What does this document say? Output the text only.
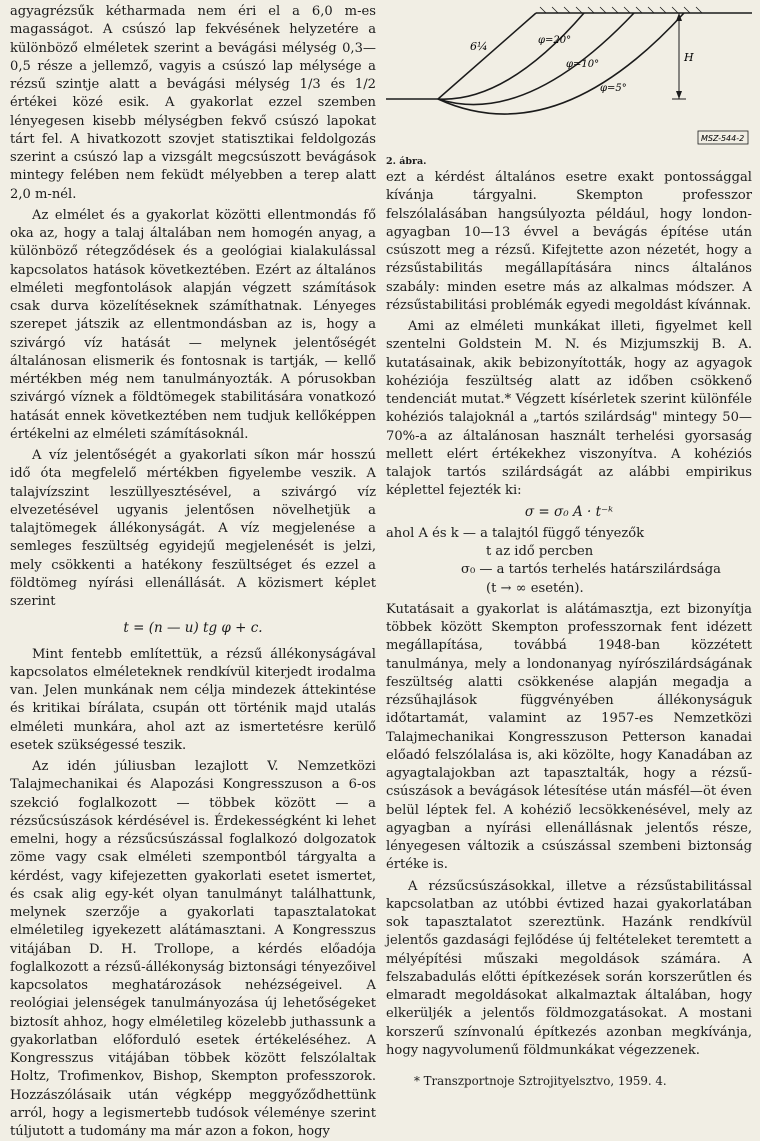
agyagrézsűk kétharmada nem éri el a 6,0 m-es magasságot. A csúszó lap fekvésének helyzetére a különböző elméletek szerint a bevágási mélység 0,3—0,5 része a jellemző, vagyis a csúszó lap mélysége a rézsű szintje alatt a bevágási mélység 1/3 és 1/2 értékei közé esik. A gyakorlat ezzel szemben lényegesen kisebb mélységben fekvő csúszó lapokat tárt fel. A hivatkozott szovjet statisztikai feldolgozás szerint a csúszó lap a vizsgált megcsúszott bevágások mintegy felében nem feküdt mélyebben a terep alatt 2,0 m-nél.

Az elmélet és a gyakorlat közötti ellentmondás fő oka az, hogy a talaj általában nem homogén anyag, a különböző rétegződések és a geológiai kialakulással kapcsolatos hatások következtében. Ezért az általános elméleti megfontolások alapján végzett számítások csak durva közelítéseknek számíthatnak. Lényeges szerepet játszik az ellentmondásban az is, hogy a szivárgó víz hatását — melynek jelentőségét általánosan elismerik és fontosnak is tartják, — kellő mértékben még nem tanulmányozták. A pórusokban szivárgó víznek a földtömegek stabilitására vonatkozó hatását ennek következtében nem tudjuk kellőképpen értékelni az elméleti számításoknál.

A víz jelentőségét a gyakorlati síkon már hosszú idő óta megfelelő mértékben figyelembe veszik. A talajvízszint leszüllyesztésével, a szivárgó víz elvezetésével ugyanis jelentősen növelhetjük a talajtömegek állékonyságát. A víz megjelenése a semleges feszültség egyidejű megjelenését is jelzi, mely csökkenti a hatékony feszültséget és ezzel a földtömeg nyírási ellenállását. A közismert képlet szerint

t = (n — u) tg φ + c.

Mint fentebb említettük, a rézsű állékonyságával kapcsolatos elméleteknek rendkívül kiterjedt irodalma van. Jelen munkának nem célja mindezek áttekintése és kritikai bírálata, csupán ott történik majd utalás elméleti munkára, ahol azt az ismertetésre kerülő esetek szükségessé teszik.

Az idén júliusban lezajlott V. Nemzetközi Talajmechanikai és Alapozási Kongresszuson a 6-os szekció foglalkozott — többek között — a rézsűcsúszások kérdésével is. Érdekességként ki lehet emelni, hogy a rézsűcsúszással foglalkozó dolgozatok zöme vagy csak elméleti szempontból tárgyalta a kérdést, vagy kifejezetten gyakorlati esetet ismertet, és csak alig egy-két olyan tanulmányt találhattunk, melynek szerzője a gyakorlati tapasztalatokat elméletileg igyekezett alátámasztani. A Kongresszus vitájában D. H. Trollope, a kérdés előadója foglalkozott a rézsű-állékonyság biztonsági tényezőivel kapcsolatos meghatározások nehézségeivel. A reológiai jelenségek tanulmányozása új lehetőségeket biztosít ahhoz, hogy elméletileg közelebb juthassunk a gyakorlatban előforduló esetek értékeléséhez. A Kongresszus vitájában többek között felszólaltak Holtz, Trofimenkov, Bishop, Skempton professzorok. Hozzászólásaik után végképp meggyőződhettünk arról, hogy a legismertebb tudósok véleménye szerint túljutott a tudomány ma már azon a fokon, hogy

6¼	φ=20°
φ=10°
φ=5°
H
MSZ-544-2
2. ábra.

ezt a kérdést általános esetre exakt pontossággal kívánja tárgyalni. Skempton professzor felszólalásában hangsúlyozta például, hogy london-agyagban 10—13 évvel a bevágás építése után csúszott meg a rézsű. Kifejtette azon nézetét, hogy a rézsűstabilitás megállapítására nincs általános szabály: minden esetre más az alkalmas módszer. A rézsűstabilitási problémák egyedi megoldást kívánnak.

Ami az elméleti munkákat illeti, figyelmet kell szentelni Goldstein M. N. és Mizjumszkij B. A. kutatásainak, akik bebizonyították, hogy az agyagok kohéziója feszültség alatt az időben csökkenő tendenciát mutat.* Végzett kísérletek szerint különféle kohéziós talajoknál a „tartós szilárdság" mintegy 50—70%-a az általánosan használt terhelési gyorsaság mellett elért értékekhez viszonyítva. A kohéziós talajok tartós szilárdságát az alábbi empirikus képlettel fejezték ki:

σ = σ₀ A · t⁻ᵏ

ahol A és k — a talajtól függő tényezők

t az idő percben

σ₀ — a tartós terhelés határszilárdsága

(t → ∞ esetén).

Kutatásait a gyakorlat is alátámasztja, ezt bizonyítja többek között Skempton professzornak fent idézett megállapítása, továbbá 1948-ban közzétett tanulmánya, mely a londonanyag nyírószilárdságának feszültség alatti csökkenése alapján megadja a rézsűhajlások függvényében állékonyságuk időtartamát, valamint az 1957-es Nemzetközi Talajmechanikai Kongresszuson Petterson kanadai előadó felszólalása is, aki közölte, hogy Kanadában az agyagtalajokban azt tapasztalták, hogy a rézsű-csúszások a bevágások létesítése után másfél—öt éven belül léptek fel. A kohéziő lecsökkenésével, mely az agyagban a nyírási ellenállásnak jelentős része, lényegesen változik a csúszással szembeni biztonság értéke is.

A rézsűcsúszásokkal, illetve a rézsűstabilitással kapcsolatban az utóbbi évtized hazai gyakorlatában sok tapasztalatot szereztünk. Hazánk rendkívül jelentős gazdasági fejlődése új feltételeket teremtett a mélyépítési műszaki megoldások számára. A felszabadulás előtti építkezések során korszerűtlen és elmaradt megoldásokat alkalmaztak általában, hogy elkerüljék a jelentős földmozgatásokat. A mostani korszerű színvonalú építkezés azonban megkívánja, hogy nagyvolumenű földmunkákat végezzenek.

* Transzportnoje Sztrojityelsztvo, 1959. 4.
